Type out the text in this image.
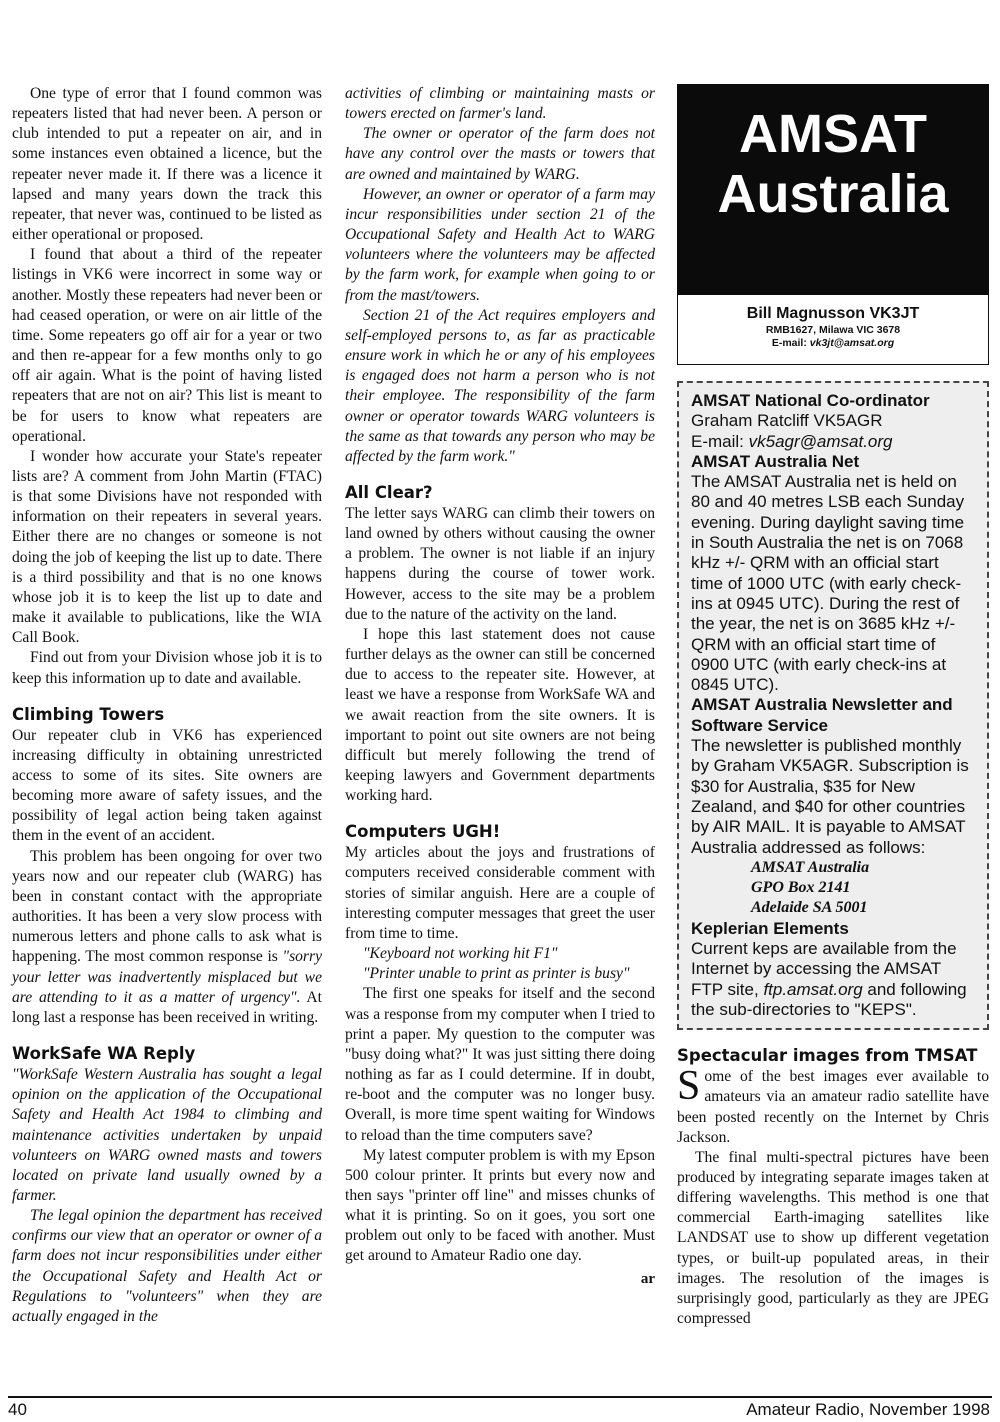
One type of error that I found common was repeaters listed that had never been. A person or club intended to put a repeater on air, and in some instances even obtained a licence, but the repeater never made it. If there was a licence it lapsed and many years down the track this repeater, that never was, continued to be listed as either operational or proposed.

I found that about a third of the repeater listings in VK6 were incorrect in some way or another. Mostly these repeaters had never been or had ceased operation, or were on air little of the time. Some repeaters go off air for a year or two and then re-appear for a few months only to go off air again. What is the point of having listed repeaters that are not on air? This list is meant to be for users to know what repeaters are operational.

I wonder how accurate your State's repeater lists are? A comment from John Martin (FTAC) is that some Divisions have not responded with information on their repeaters in several years. Either there are no changes or someone is not doing the job of keeping the list up to date. There is a third possibility and that is no one knows whose job it is to keep the list up to date and make it available to publications, like the WIA Call Book.

Find out from your Division whose job it is to keep this information up to date and available.

Climbing Towers

Our repeater club in VK6 has experienced increasing difficulty in obtaining unrestricted access to some of its sites. Site owners are becoming more aware of safety issues, and the possibility of legal action being taken against them in the event of an accident.

This problem has been ongoing for over two years now and our repeater club (WARG) has been in constant contact with the appropriate authorities. It has been a very slow process with numerous letters and phone calls to ask what is happening. The most common response is "sorry your letter was inadvertently misplaced but we are attending to it as a matter of urgency". At long last a response has been received in writing.

WorkSafe WA Reply

"WorkSafe Western Australia has sought a legal opinion on the application of the Occupational Safety and Health Act 1984 to climbing and maintenance activities undertaken by unpaid volunteers on WARG owned masts and towers located on private land usually owned by a farmer.

The legal opinion the department has received confirms our view that an operator or owner of a farm does not incur responsibilities under either the Occupational Safety and Health Act or Regulations to "volunteers" when they are actually engaged in the

activities of climbing or maintaining masts or towers erected on farmer's land.

The owner or operator of the farm does not have any control over the masts or towers that are owned and maintained by WARG.

However, an owner or operator of a farm may incur responsibilities under section 21 of the Occupational Safety and Health Act to WARG volunteers where the volunteers may be affected by the farm work, for example when going to or from the mast/towers.

Section 21 of the Act requires employers and self-employed persons to, as far as practicable ensure work in which he or any of his employees is engaged does not harm a person who is not their employee. The responsibility of the farm owner or operator towards WARG volunteers is the same as that towards any person who may be affected by the farm work."

All Clear?

The letter says WARG can climb their towers on land owned by others without causing the owner a problem. The owner is not liable if an injury happens during the course of tower work. However, access to the site may be a problem due to the nature of the activity on the land.

I hope this last statement does not cause further delays as the owner can still be concerned due to access to the repeater site. However, at least we have a response from WorkSafe WA and we await reaction from the site owners. It is important to point out site owners are not being difficult but merely following the trend of keeping lawyers and Government departments working hard.

Computers UGH!

My articles about the joys and frustrations of computers received considerable comment with stories of similar anguish. Here are a couple of interesting computer messages that greet the user from time to time.

"Keyboard not working hit F1"

"Printer unable to print as printer is busy"

The first one speaks for itself and the second was a response from my computer when I tried to print a paper. My question to the computer was "busy doing what?" It was just sitting there doing nothing as far as I could determine. If in doubt, re-boot and the computer was no longer busy. Overall, is more time spent waiting for Windows to reload than the time computers save?

My latest computer problem is with my Epson 500 colour printer. It prints but every now and then says "printer off line" and misses chunks of what it is printing. So on it goes, you sort one problem out only to be faced with another. Must get around to Amateur Radio one day.

ar
AMSAT
Australia
Bill Magnusson VK3JT
RMB1627, Milawa VIC 3678
E-mail: vk3jt@amsat.org
AMSAT National Co-ordinator
Graham Ratcliff VK5AGR
E-mail: vk5agr@amsat.org
AMSAT Australia Net
The AMSAT Australia net is held on 80 and 40 metres LSB each Sunday evening. During daylight saving time in South Australia the net is on 7068 kHz +/- QRM with an official start time of 1000 UTC (with early check-ins at 0945 UTC). During the rest of the year, the net is on 3685 kHz +/- QRM with an official start time of 0900 UTC (with early check-ins at 0845 UTC).
AMSAT Australia Newsletter and Software Service
The newsletter is published monthly by Graham VK5AGR. Subscription is $30 for Australia, $35 for New Zealand, and $40 for other countries by AIR MAIL. It is payable to AMSAT Australia addressed as follows:
AMSAT Australia
GPO Box 2141
Adelaide SA 5001
Keplerian Elements
Current keps are available from the Internet by accessing the AMSAT FTP site, ftp.amsat.org and following the sub-directories to "KEPS".
Spectacular images from TMSAT

Some of the best images ever available to amateurs via an amateur radio satellite have been posted recently on the Internet by Chris Jackson.

The final multi-spectral pictures have been produced by integrating separate images taken at differing wavelengths. This method is one that commercial Earth-imaging satellites like LANDSAT use to show up different vegetation types, or built-up populated areas, in their images. The resolution of the images is surprisingly good, particularly as they are JPEG compressed

40	Amateur Radio, November 1998
